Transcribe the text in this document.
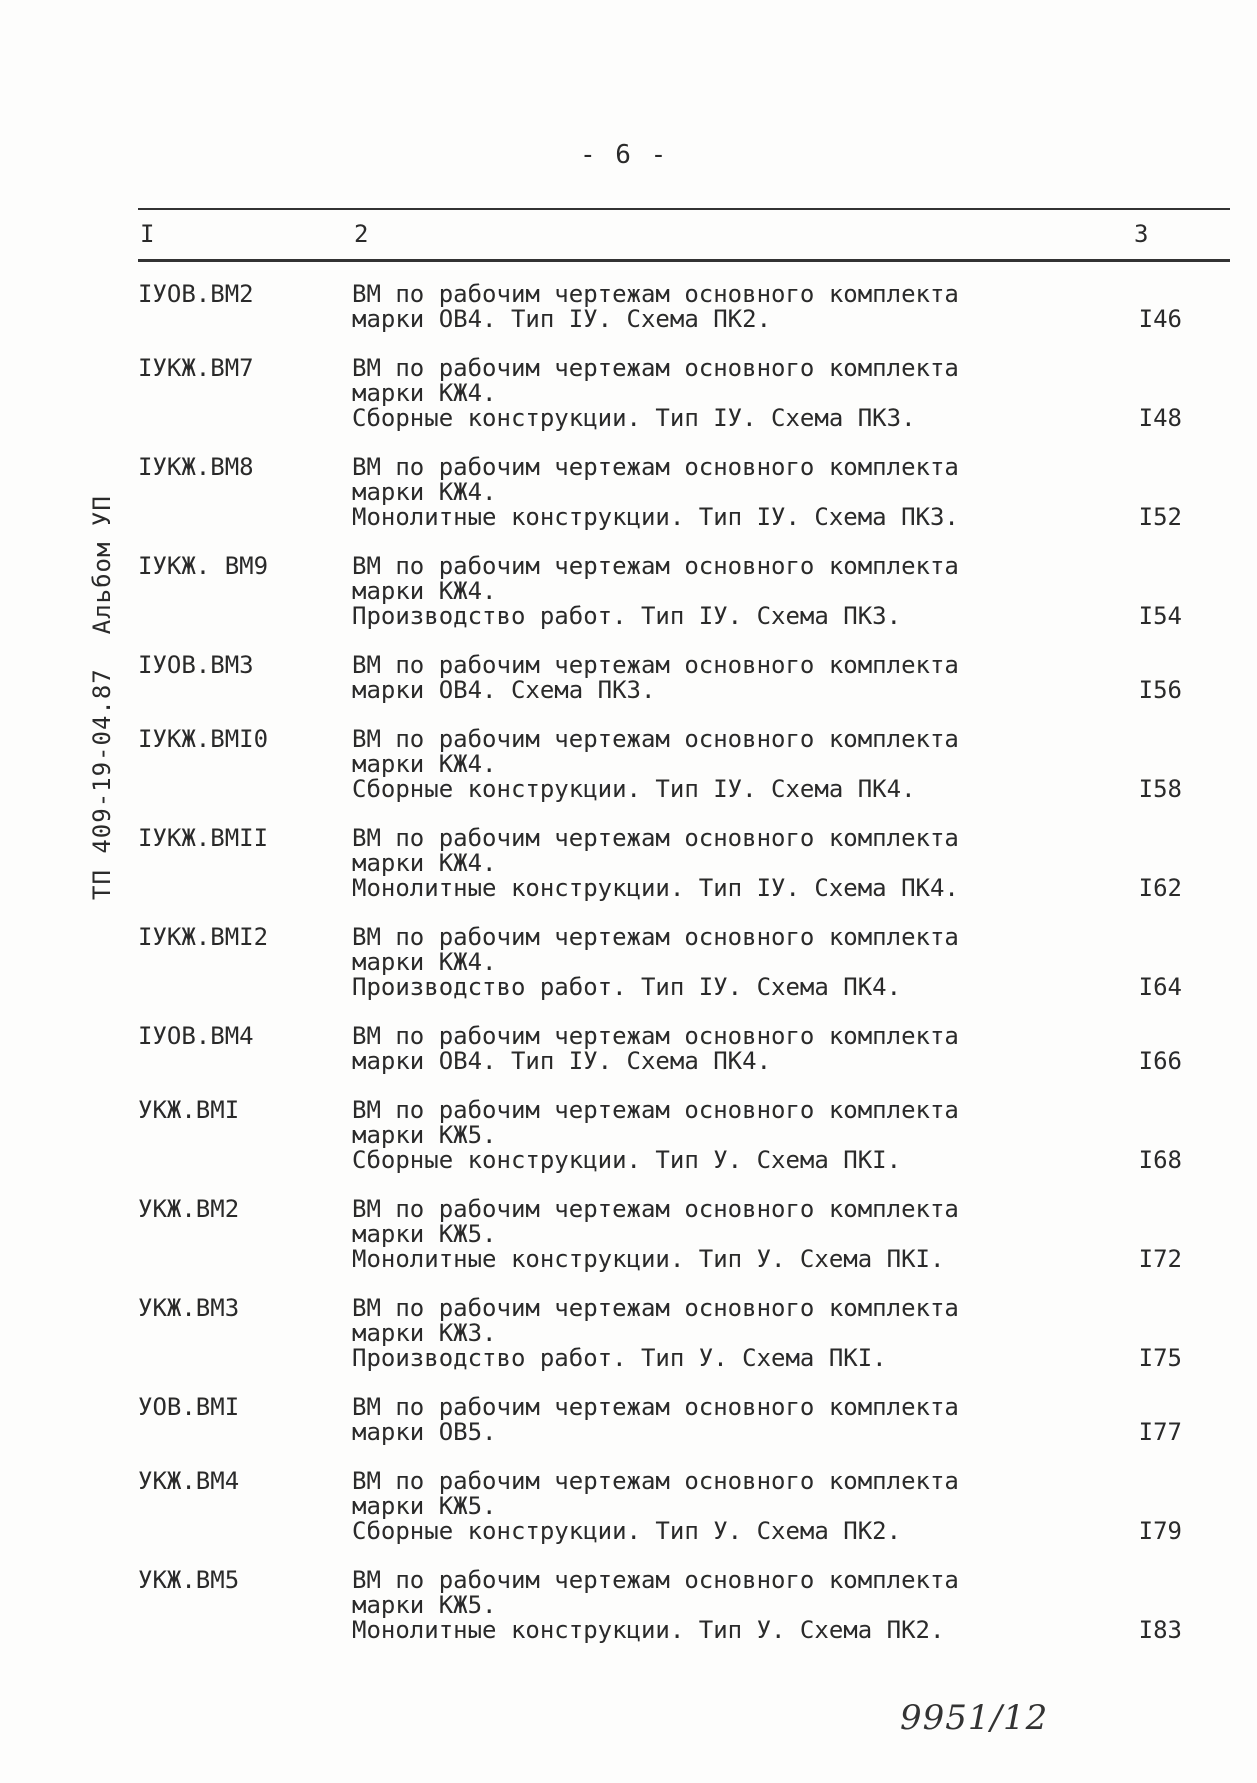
- 6 -
ТП 409-19-04.87Альбом УП
I	2	3
IУОВ.ВМ2	ВМ по рабочим чертежам основного комплекта
марки ОВ4. Тип IУ. Схема ПК2.	I46
IУКЖ.ВМ7	ВМ по рабочим чертежам основного комплекта
марки КЖ4.
Сборные конструкции. Тип IУ. Схема ПК3.	I48
IУКЖ.ВМ8	ВМ по рабочим чертежам основного комплекта
марки КЖ4.
Монолитные конструкции. Тип IУ. Схема ПК3.	I52
IУКЖ. ВМ9	ВМ по рабочим чертежам основного комплекта
марки КЖ4.
Производство работ. Тип IУ. Схема ПК3.	I54
IУОВ.ВМ3	ВМ по рабочим чертежам основного комплекта
марки ОВ4. Схема ПК3.	I56
IУКЖ.ВМI0	ВМ по рабочим чертежам основного комплекта
марки КЖ4.
Сборные конструкции. Тип IУ. Схема ПК4.	I58
IУКЖ.ВМII	ВМ по рабочим чертежам основного комплекта
марки КЖ4.
Монолитные конструкции. Тип IУ. Схема ПК4.	I62
IУКЖ.ВМI2	ВМ по рабочим чертежам основного комплекта
марки КЖ4.
Производство работ. Тип IУ. Схема ПК4.	I64
IУОВ.ВМ4	ВМ по рабочим чертежам основного комплекта
марки ОВ4. Тип IУ. Схема ПК4.	I66
УКЖ.ВМI	ВМ по рабочим чертежам основного комплекта
марки КЖ5.
Сборные конструкции. Тип У. Схема ПКI.	I68
УКЖ.ВМ2	ВМ по рабочим чертежам основного комплекта
марки КЖ5.
Монолитные конструкции. Тип У. Схема ПКI.	I72
УКЖ.ВМ3	ВМ по рабочим чертежам основного комплекта
марки КЖ3.
Производство работ. Тип У. Схема ПКI.	I75
УОВ.ВМI	ВМ по рабочим чертежам основного комплекта
марки ОВ5.	I77
УКЖ.ВМ4	ВМ по рабочим чертежам основного комплекта
марки КЖ5.
Сборные конструкции. Тип У. Схема ПК2.	I79
УКЖ.ВМ5	ВМ по рабочим чертежам основного комплекта
марки КЖ5.
Монолитные конструкции. Тип У. Схема ПК2.	I83
9951/12
